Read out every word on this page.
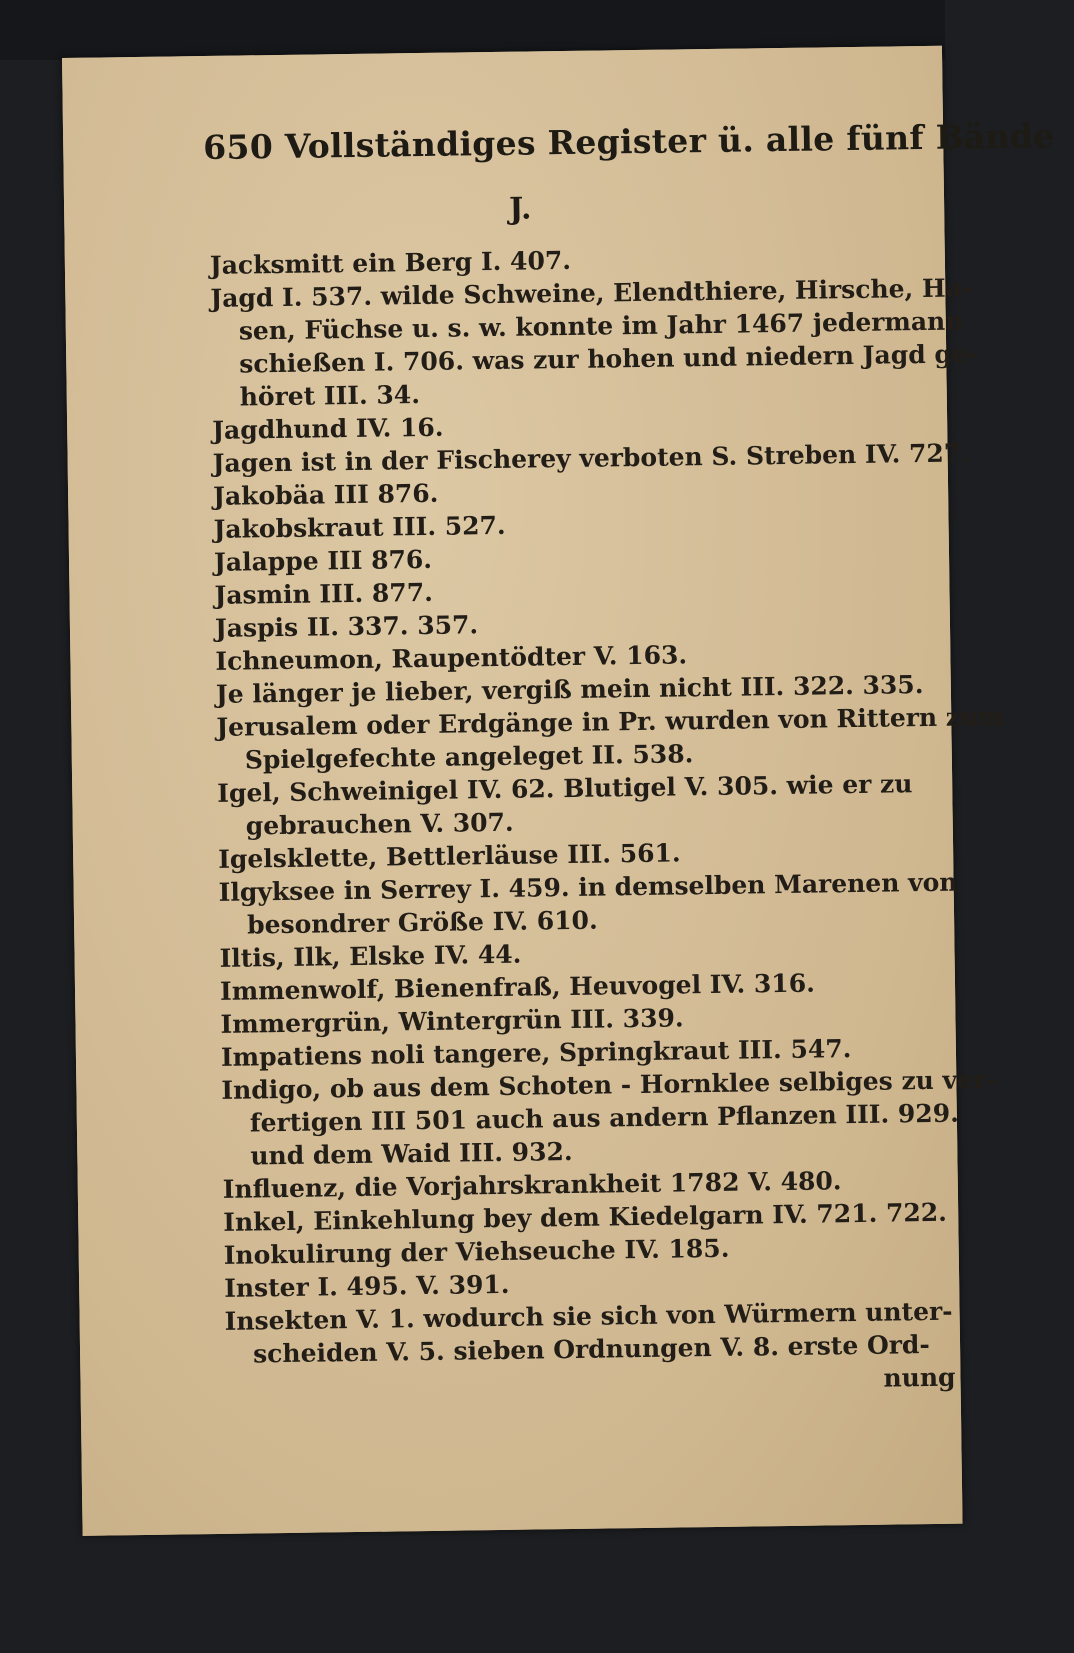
650 Vollständiges Register ü. alle fünf Bände
J.
Jacksmitt ein Berg I. 407.
Jagd I. 537. wilde Schweine, Elendthiere, Hirsche, Ha-
sen, Füchse u. s. w. konnte im Jahr 1467 jedermann
schießen I. 706. was zur hohen und niedern Jagd ge-
höret III. 34.
Jagdhund IV. 16.
Jagen ist in der Fischerey verboten S. Streben IV. 727.
Jakobäa III 876.
Jakobskraut III. 527.
Jalappe III 876.
Jasmin III. 877.
Jaspis II. 337. 357.
Ichneumon, Raupentödter V. 163.
Je länger je lieber, vergiß mein nicht III. 322. 335.
Jerusalem oder Erdgänge in Pr. wurden von Rittern zum
Spielgefechte angeleget II. 538.
Igel, Schweinigel IV. 62. Blutigel V. 305. wie er zu
gebrauchen V. 307.
Igelsklette, Bettlerläuse III. 561.
Ilgyksee in Serrey I. 459. in demselben Marenen von
besondrer Größe IV. 610.
Iltis, Ilk, Elske IV. 44.
Immenwolf, Bienenfraß, Heuvogel IV. 316.
Immergrün, Wintergrün III. 339.
Impatiens noli tangere, Springkraut III. 547.
Indigo, ob aus dem Schoten - Hornklee selbiges zu ver-
fertigen III 501 auch aus andern Pflanzen III. 929.
und dem Waid III. 932.
Influenz, die Vorjahrskrankheit 1782 V. 480.
Inkel, Einkehlung bey dem Kiedelgarn IV. 721. 722.
Inokulirung der Viehseuche IV. 185.
Inster I. 495. V. 391.
Insekten V. 1. wodurch sie sich von Würmern unter-
scheiden V. 5. sieben Ordnungen V. 8. erste Ord-
nung
